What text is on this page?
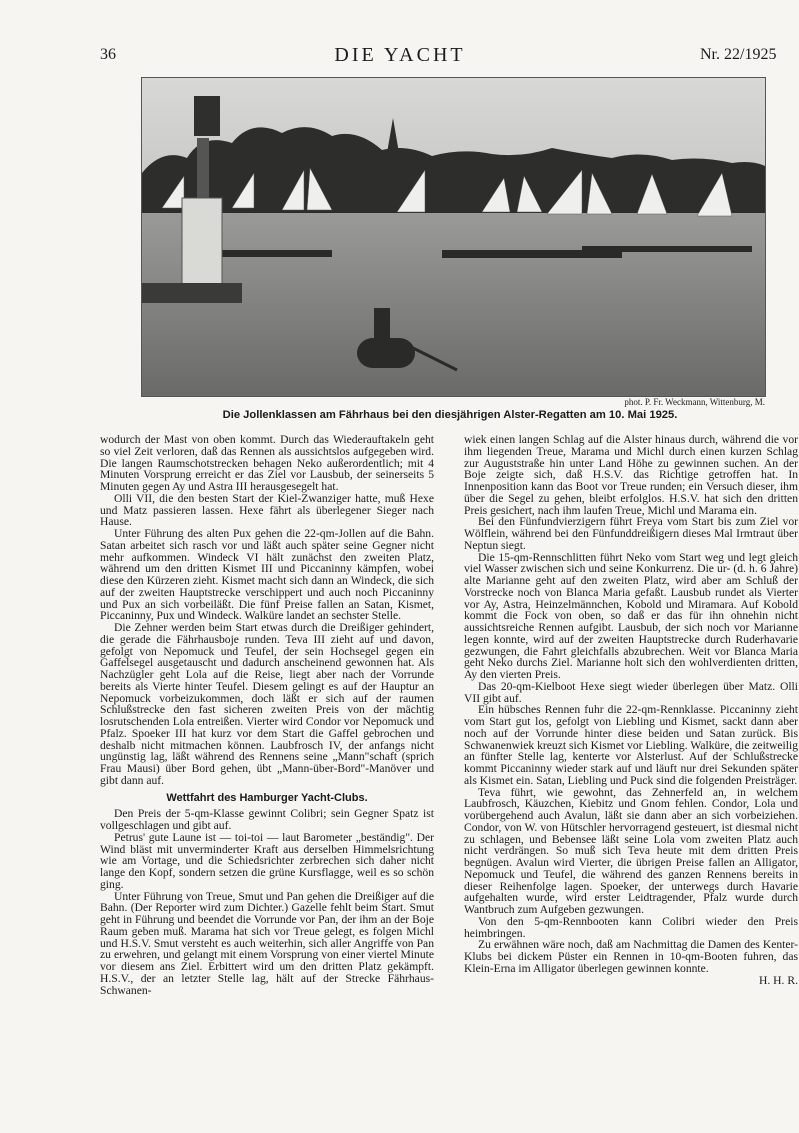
36	DIE YACHT	Nr. 22/1925
phot. P. Fr. Weckmann, Wittenburg, M.
Die Jollenklassen am Fährhaus bei den diesjährigen Alster-Regatten am 10. Mai 1925.

wodurch der Mast von oben kommt. Durch das Wiederauftakeln geht so viel Zeit verloren, daß das Rennen als aussichtslos aufgegeben wird. Die langen Raumschotstrecken behagen Neko außerordentlich; mit 4 Minuten Vorsprung erreicht er das Ziel vor Lausbub, der seinerseits 5 Minuten gegen Ay und Astra III herausgesegelt hat.

Olli VII, die den besten Start der Kiel-Zwanziger hatte, muß Hexe und Matz passieren lassen. Hexe fährt als überlegener Sieger nach Hause.

Unter Führung des alten Pux gehen die 22-qm-Jollen auf die Bahn. Satan arbeitet sich rasch vor und läßt auch später seine Gegner nicht mehr aufkommen. Windeck VI hält zunächst den zweiten Platz, während um den dritten Kismet III und Piccaninny kämpfen, wobei diese den Kürzeren zieht. Kismet macht sich dann an Windeck, die sich auf der zweiten Hauptstrecke verschippert und auch noch Piccaninny und Pux an sich vorbeiläßt. Die fünf Preise fallen an Satan, Kismet, Piccaninny, Pux und Windeck. Walküre landet an sechster Stelle.

Die Zehner werden beim Start etwas durch die Dreißiger gehindert, die gerade die Fährhausboje runden. Teva III zieht auf und davon, gefolgt von Nepomuck und Teufel, der sein Hochsegel gegen ein Gaffelsegel ausgetauscht und dadurch anscheinend gewonnen hat. Als Nachzügler geht Lola auf die Reise, liegt aber nach der Vorrunde bereits als Vierte hinter Teufel. Diesem gelingt es auf der Hauptur an Nepomuck vorbeizukommen, doch läßt er sich auf der raumen Schlußstrecke den fast sicheren zweiten Preis von der mächtig losrutschenden Lola entreißen. Vierter wird Condor vor Nepomuck und Pfalz. Spoeker III hat kurz vor dem Start die Gaffel gebrochen und deshalb nicht mitmachen können. Laubfrosch IV, der anfangs nicht ungünstig lag, läßt während des Rennens seine „Mann"schaft (sprich Frau Mausi) über Bord gehen, übt „Mann-über-Bord"-Manöver und gibt dann auf.

Wettfahrt des Hamburger Yacht-Clubs.

Den Preis der 5-qm-Klasse gewinnt Colibri; sein Gegner Spatz ist vollgeschlagen und gibt auf.

Petrus' gute Laune ist — toi-toi — laut Barometer „beständig". Der Wind bläst mit unverminderter Kraft aus derselben Himmelsrichtung wie am Vortage, und die Schiedsrichter zerbrechen sich daher nicht lange den Kopf, sondern setzen die grüne Kursflagge, weil es so schön ging.

Unter Führung von Treue, Smut und Pan gehen die Dreißiger auf die Bahn. (Der Reporter wird zum Dichter.) Gazelle fehlt beim Start. Smut geht in Führung und beendet die Vorrunde vor Pan, der ihm an der Boje Raum geben muß. Marama hat sich vor Treue gelegt, es folgen Michl und H.S.V. Smut versteht es auch weiterhin, sich aller Angriffe von Pan zu erwehren, und gelangt mit einem Vorsprung von einer viertel Minute vor diesem ans Ziel. Erbittert wird um den dritten Platz gekämpft. H.S.V., der an letzter Stelle lag, hält auf der Strecke Fährhaus-Schwanen-

wiek einen langen Schlag auf die Alster hinaus durch, während die vor ihm liegenden Treue, Marama und Michl durch einen kurzen Schlag zur Auguststraße hin unter Land Höhe zu gewinnen suchen. An der Boje zeigte sich, daß H.S.V. das Richtige getroffen hat. In Innenposition kann das Boot vor Treue runden; ein Versuch dieser, ihm über die Segel zu gehen, bleibt erfolglos. H.S.V. hat sich den dritten Preis gesichert, nach ihm laufen Treue, Michl und Marama ein.

Bei den Fünfundvierzigern führt Freya vom Start bis zum Ziel vor Wölflein, während bei den Fünfunddreißigern dieses Mal Irmtraut über Neptun siegt.

Die 15-qm-Rennschlitten führt Neko vom Start weg und legt gleich viel Wasser zwischen sich und seine Konkurrenz. Die ur- (d. h. 6 Jahre) alte Marianne geht auf den zweiten Platz, wird aber am Schluß der Vorstrecke noch von Blanca Maria gefaßt. Lausbub rundet als Vierter vor Ay, Astra, Heinzelmännchen, Kobold und Miramara. Auf Kobold kommt die Fock von oben, so daß er das für ihn ohnehin nicht aussichtsreiche Rennen aufgibt. Lausbub, der sich noch vor Marianne legen konnte, wird auf der zweiten Hauptstrecke durch Ruderhavarie gezwungen, die Fahrt gleichfalls abzubrechen. Weit vor Blanca Maria geht Neko durchs Ziel. Marianne holt sich den wohlverdienten dritten, Ay den vierten Preis.

Das 20-qm-Kielboot Hexe siegt wieder überlegen über Matz. Olli VII gibt auf.

Ein hübsches Rennen fuhr die 22-qm-Rennklasse. Piccaninny zieht vom Start gut los, gefolgt von Liebling und Kismet, sackt dann aber noch auf der Vorrunde hinter diese beiden und Satan zurück. Bis Schwanenwiek kreuzt sich Kismet vor Liebling. Walküre, die zeitweilig an fünfter Stelle lag, kenterte vor Alsterlust. Auf der Schlußstrecke kommt Piccaninny wieder stark auf und läuft nur drei Sekunden später als Kismet ein. Satan, Liebling und Puck sind die folgenden Preisträger.

Teva führt, wie gewohnt, das Zehnerfeld an, in welchem Laubfrosch, Käuzchen, Kiebitz und Gnom fehlen. Condor, Lola und vorübergehend auch Avalun, läßt sie dann aber an sich vorbeiziehen. Condor, von W. von Hütschler hervorragend gesteuert, ist diesmal nicht zu schlagen, und Bebensee läßt seine Lola vom zweiten Platz auch nicht verdrängen. So muß sich Teva heute mit dem dritten Preis begnügen. Avalun wird Vierter, die übrigen Preise fallen an Alligator, Nepomuck und Teufel, die während des ganzen Rennens bereits in dieser Reihenfolge lagen. Spoeker, der unterwegs durch Havarie aufgehalten wurde, wird erster Leidtragender, Pfalz wurde durch Wantbruch zum Aufgeben gezwungen.

Von den 5-qm-Rennbooten kann Colibri wieder den Preis heimbringen.

Zu erwähnen wäre noch, daß am Nachmittag die Damen des Kenter-Klubs bei dickem Püster ein Rennen in 10-qm-Booten fuhren, das Klein-Erna im Alligator überlegen gewinnen konnte.

H. H. R.
